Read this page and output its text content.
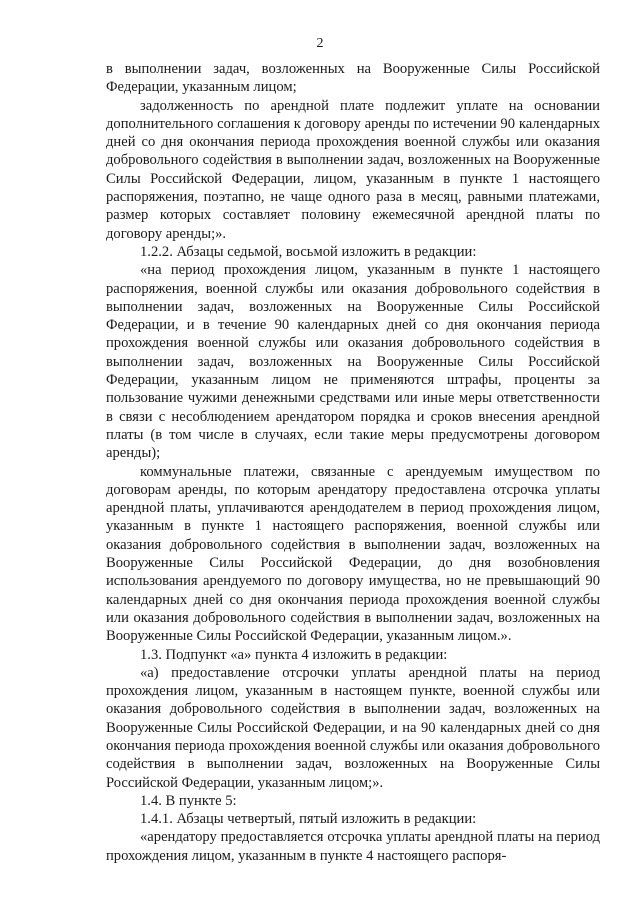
2

в выполнении задач, возложенных на Вооруженные Силы Российской Федерации, указанным лицом;

задолженность по арендной плате подлежит уплате на основании дополнительного соглашения к договору аренды по истечении 90 календарных дней со дня окончания периода прохождения военной службы или оказания добровольного содействия в выполнении задач, возложенных на Вооруженные Силы Российской Федерации, лицом, указанным в пункте 1 настоящего распоряжения, поэтапно, не чаще одного раза в месяц, равными платежами, размер которых составляет половину ежемесячной арендной платы по договору аренды;».

1.2.2. Абзацы седьмой, восьмой изложить в редакции:

«на период прохождения лицом, указанным в пункте 1 настоящего распоряжения, военной службы или оказания добровольного содействия в выполнении задач, возложенных на Вооруженные Силы Российской Федерации, и в течение 90 календарных дней со дня окончания периода прохождения военной службы или оказания добровольного содействия в выполнении задач, возложенных на Вооруженные Силы Российской Федерации, указанным лицом не применяются штрафы, проценты за пользование чужими денежными средствами или иные меры ответственности в связи с несоблюдением арендатором порядка и сроков внесения арендной платы (в том числе в случаях, если такие меры предусмотрены договором аренды);

коммунальные платежи, связанные с арендуемым имуществом по договорам аренды, по которым арендатору предоставлена отсрочка уплаты арендной платы, уплачиваются арендодателем в период прохождения лицом, указанным в пункте 1 настоящего распоряжения, военной службы или оказания добровольного содействия в выполнении задач, возложенных на Вооруженные Силы Российской Федерации, до дня возобновления использования арендуемого по договору имущества, но не превышающий 90 календарных дней со дня окончания периода прохождения военной службы или оказания добровольного содействия в выполнении задач, возложенных на Вооруженные Силы Российской Федерации, указанным лицом.».

1.3. Подпункт «а» пункта 4 изложить в редакции:

«а) предоставление отсрочки уплаты арендной платы на период прохождения лицом, указанным в настоящем пункте, военной службы или оказания добровольного содействия в выполнении задач, возложенных на Вооруженные Силы Российской Федерации, и на 90 календарных дней со дня окончания периода прохождения военной службы или оказания добровольного содействия в выполнении задач, возложенных на Вооруженные Силы Российской Федерации, указанным лицом;».

1.4. В пункте 5:

1.4.1. Абзацы четвертый, пятый изложить в редакции:

«арендатору предоставляется отсрочка уплаты арендной платы на период прохождения лицом, указанным в пункте 4 настоящего распоря-
